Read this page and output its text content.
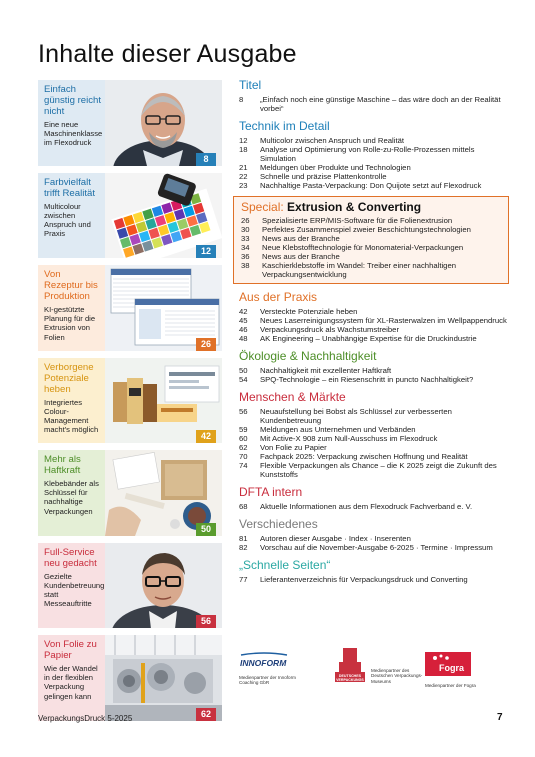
Inhalte dieser Ausgabe
Einfach günstig reicht nicht
Eine neue Maschinenklasse im Flexodruck
8
Farbvielfalt trifft Realität
Multicolour zwischen Anspruch und Praxis
12
Von Rezeptur bis Produktion
KI-gestützte Planung für die Extrusion von Folien
26
Verborgene Potenziale heben
Integriertes Colour-Management macht's möglich
42
Mehr als Haftkraft
Klebebänder als Schlüssel für nachhaltige Verpackungen
50
Full-Service neu gedacht
Gezielte Kundenbetreuung statt Messeauftritte
56
Von Folie zu Papier
Wie der Wandel in der flexiblen Verpackung gelingen kann
62
Titel
8	„Einfach noch eine günstige Maschine – das wäre doch an der Realität vorbei“
Technik im Detail
12	Multicolor zwischen Anspruch und Realität
18	Analyse und Optimierung von Rolle-zu-Rolle-Prozessen mittels Simulation
21	Meldungen über Produkte und Technologien
22	Schnelle und präzise Plattenkontrolle
23	Nachhaltige Pasta-Verpackung: Don Quijote setzt auf Flexodruck
Special: Extrusion & Converting
26	Spezialisierte ERP/MIS-Software für die Folienextrusion
30	Perfektes Zusammenspiel zweier Beschichtungstechnologien
33	News aus der Branche
34	Neue Klebstofftechnologie für Monomaterial-Verpackungen
36	News aus der Branche
38	Kaschierklebstoffe im Wandel: Treiber einer nachhaltigen Verpackungsentwicklung
Aus der Praxis
42	Versteckte Potenziale heben
45	Neues Laserreinigungssystem für XL-Rasterwalzen im Wellpappendruck
46	Verpackungsdruck als Wachstumstreiber
48	AK Engineering – Unabhängige Expertise für die Druckindustrie
Ökologie & Nachhaltigkeit
50	Nachhaltigkeit mit exzellenter Haftkraft
54	SPQ-Technologie – ein Riesenschritt in puncto Nachhaltigkeit?
Menschen & Märkte
56	Neuaufstellung bei Bobst als Schlüssel zur verbesserten Kundenbetreuung
59	Meldungen aus Unternehmen und Verbänden
60	Mit Active-X 908 zum Null-Ausschuss im Flexodruck
62	Von Folie zu Papier
70	Fachpack 2025: Verpackung zwischen Hoffnung und Realität
74	Flexible Verpackungen als Chance – die K 2025 zeigt die Zukunft des Kunststoffs
DFTA intern
68	Aktuelle Informationen aus dem Flexodruck Fachverband e. V.
Verschiedenes
81	Autoren dieser Ausgabe · Index · Inserenten
82	Vorschau auf die November-Ausgabe 6-2025 · Termine · Impressum
„Schnelle Seiten“
77	Lieferantenverzeichnis für Verpackungsdruck und Converting
INNOFORM
Medienpartner der Innoform Coaching GbR
DEUTSCHES VERPACKUNGS MUSEUM
Medienpartner des Deutschen Verpackungs-Museums
Fogra
Medienpartner der Fogra
VerpackungsDruck 5-2025	7
